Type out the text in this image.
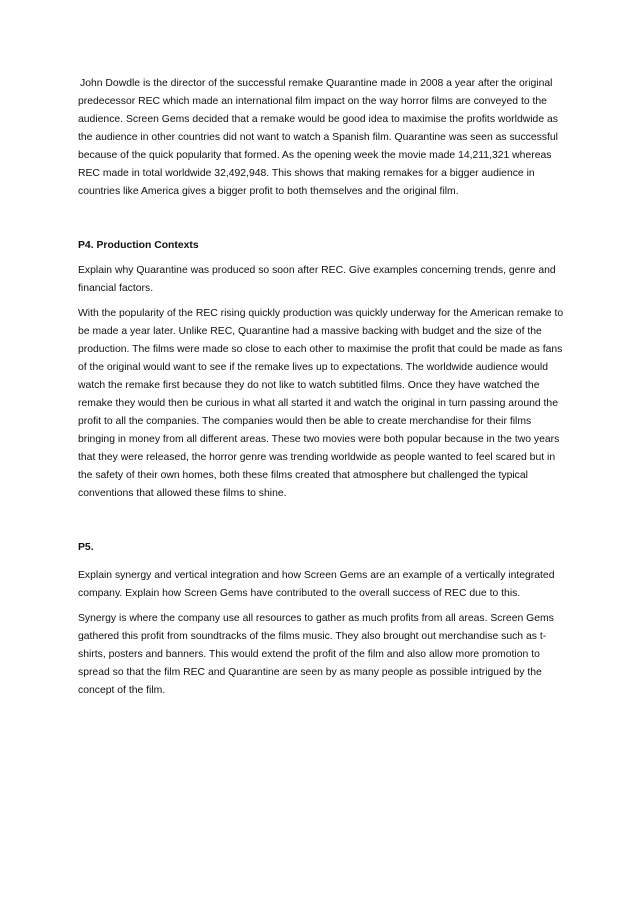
John Dowdle is the director of the successful remake Quarantine made in 2008 a year after the original predecessor REC which made an international film impact on the way horror films are conveyed to the audience. Screen Gems decided that a remake would be good idea to maximise the profits worldwide as the audience in other countries did not want to watch a Spanish film. Quarantine was seen as successful because of the quick popularity that formed. As the opening week the movie made 14,211,321 whereas REC made in total worldwide 32,492,948. This shows that making remakes for a bigger audience in countries like America gives a bigger profit to both themselves and the original film.

P4. Production Contexts

Explain why Quarantine was produced so soon after REC. Give examples concerning trends, genre and financial factors.

With the popularity of the REC rising quickly production was quickly underway for the American remake to be made a year later. Unlike REC, Quarantine had a massive backing with budget and the size of the production. The films were made so close to each other to maximise the profit that could be made as fans of the original would want to see if the remake lives up to expectations. The worldwide audience would watch the remake first because they do not like to watch subtitled films. Once they have watched the remake they would then be curious in what all started it and watch the original in turn passing around the profit to all the companies. The companies would then be able to create merchandise for their films bringing in money from all different areas. These two movies were both popular because in the two years that they were released, the horror genre was trending worldwide as people wanted to feel scared but in the safety of their own homes, both these films created that atmosphere but challenged the typical conventions that allowed these films to shine.

P5.

Explain synergy and vertical integration and how Screen Gems are an example of a vertically integrated company. Explain how Screen Gems have contributed to the overall success of REC due to this.

Synergy is where the company use all resources to gather as much profits from all areas. Screen Gems gathered this profit from soundtracks of the films music. They also brought out merchandise such as t-shirts, posters and banners. This would extend the profit of the film and also allow more promotion to spread so that the film REC and Quarantine are seen by as many people as possible intrigued by the concept of the film.
